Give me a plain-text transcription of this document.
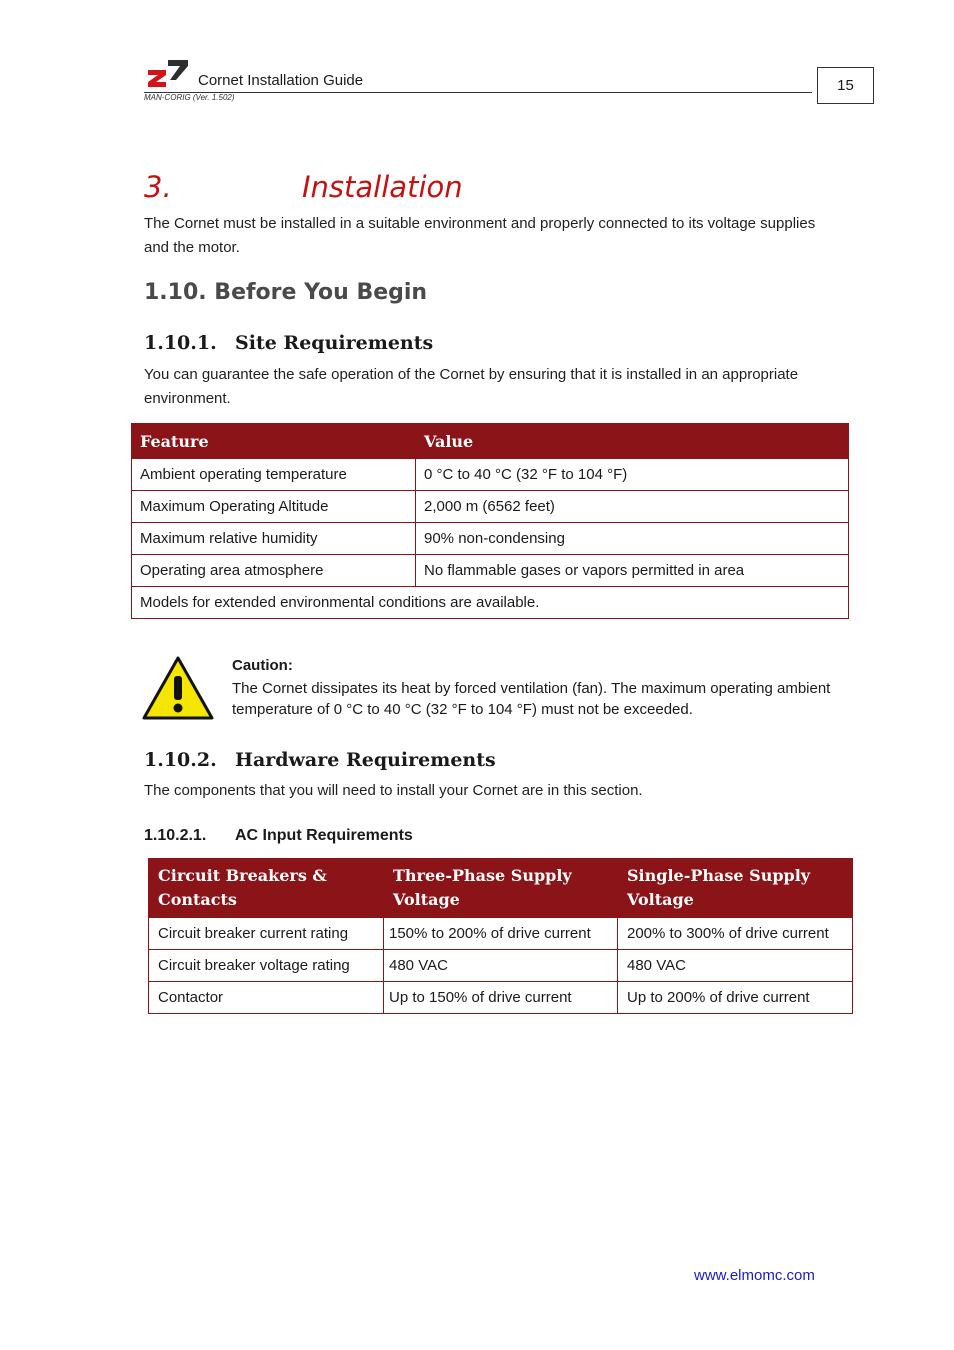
Cornet Installation Guide
MAN-CORIG (Ver. 1.502)
15
3.	Installation
The Cornet must be installed in a suitable environment and properly connected to its voltage supplies and the motor.
1.10. Before You Begin
1.10.1. Site Requirements
You can guarantee the safe operation of the Cornet by ensuring that it is installed in an appropriate environment.
Feature	Value
Ambient operating temperature	0 °C to 40 °C (32 °F to 104 °F)
Maximum Operating Altitude	2,000 m (6562 feet)
Maximum relative humidity	90% non-condensing
Operating area atmosphere	No flammable gases or vapors permitted in area
Models for extended environmental conditions are available.	
Caution:
The Cornet dissipates its heat by forced ventilation (fan). The maximum operating ambient temperature of 0 °C to 40 °C (32 °F to 104 °F) must not be exceeded.
1.10.2. Hardware Requirements
The components that you will need to install your Cornet are in this section.
1.10.2.1. AC Input Requirements
Circuit Breakers & Contacts	Three-Phase Supply Voltage	Single-Phase Supply Voltage
Circuit breaker current rating	150% to 200% of drive current	200% to 300% of drive current
Circuit breaker voltage rating	480 VAC	480 VAC
Contactor	Up to 150% of drive current	Up to 200% of drive current
www.elmomc.com
